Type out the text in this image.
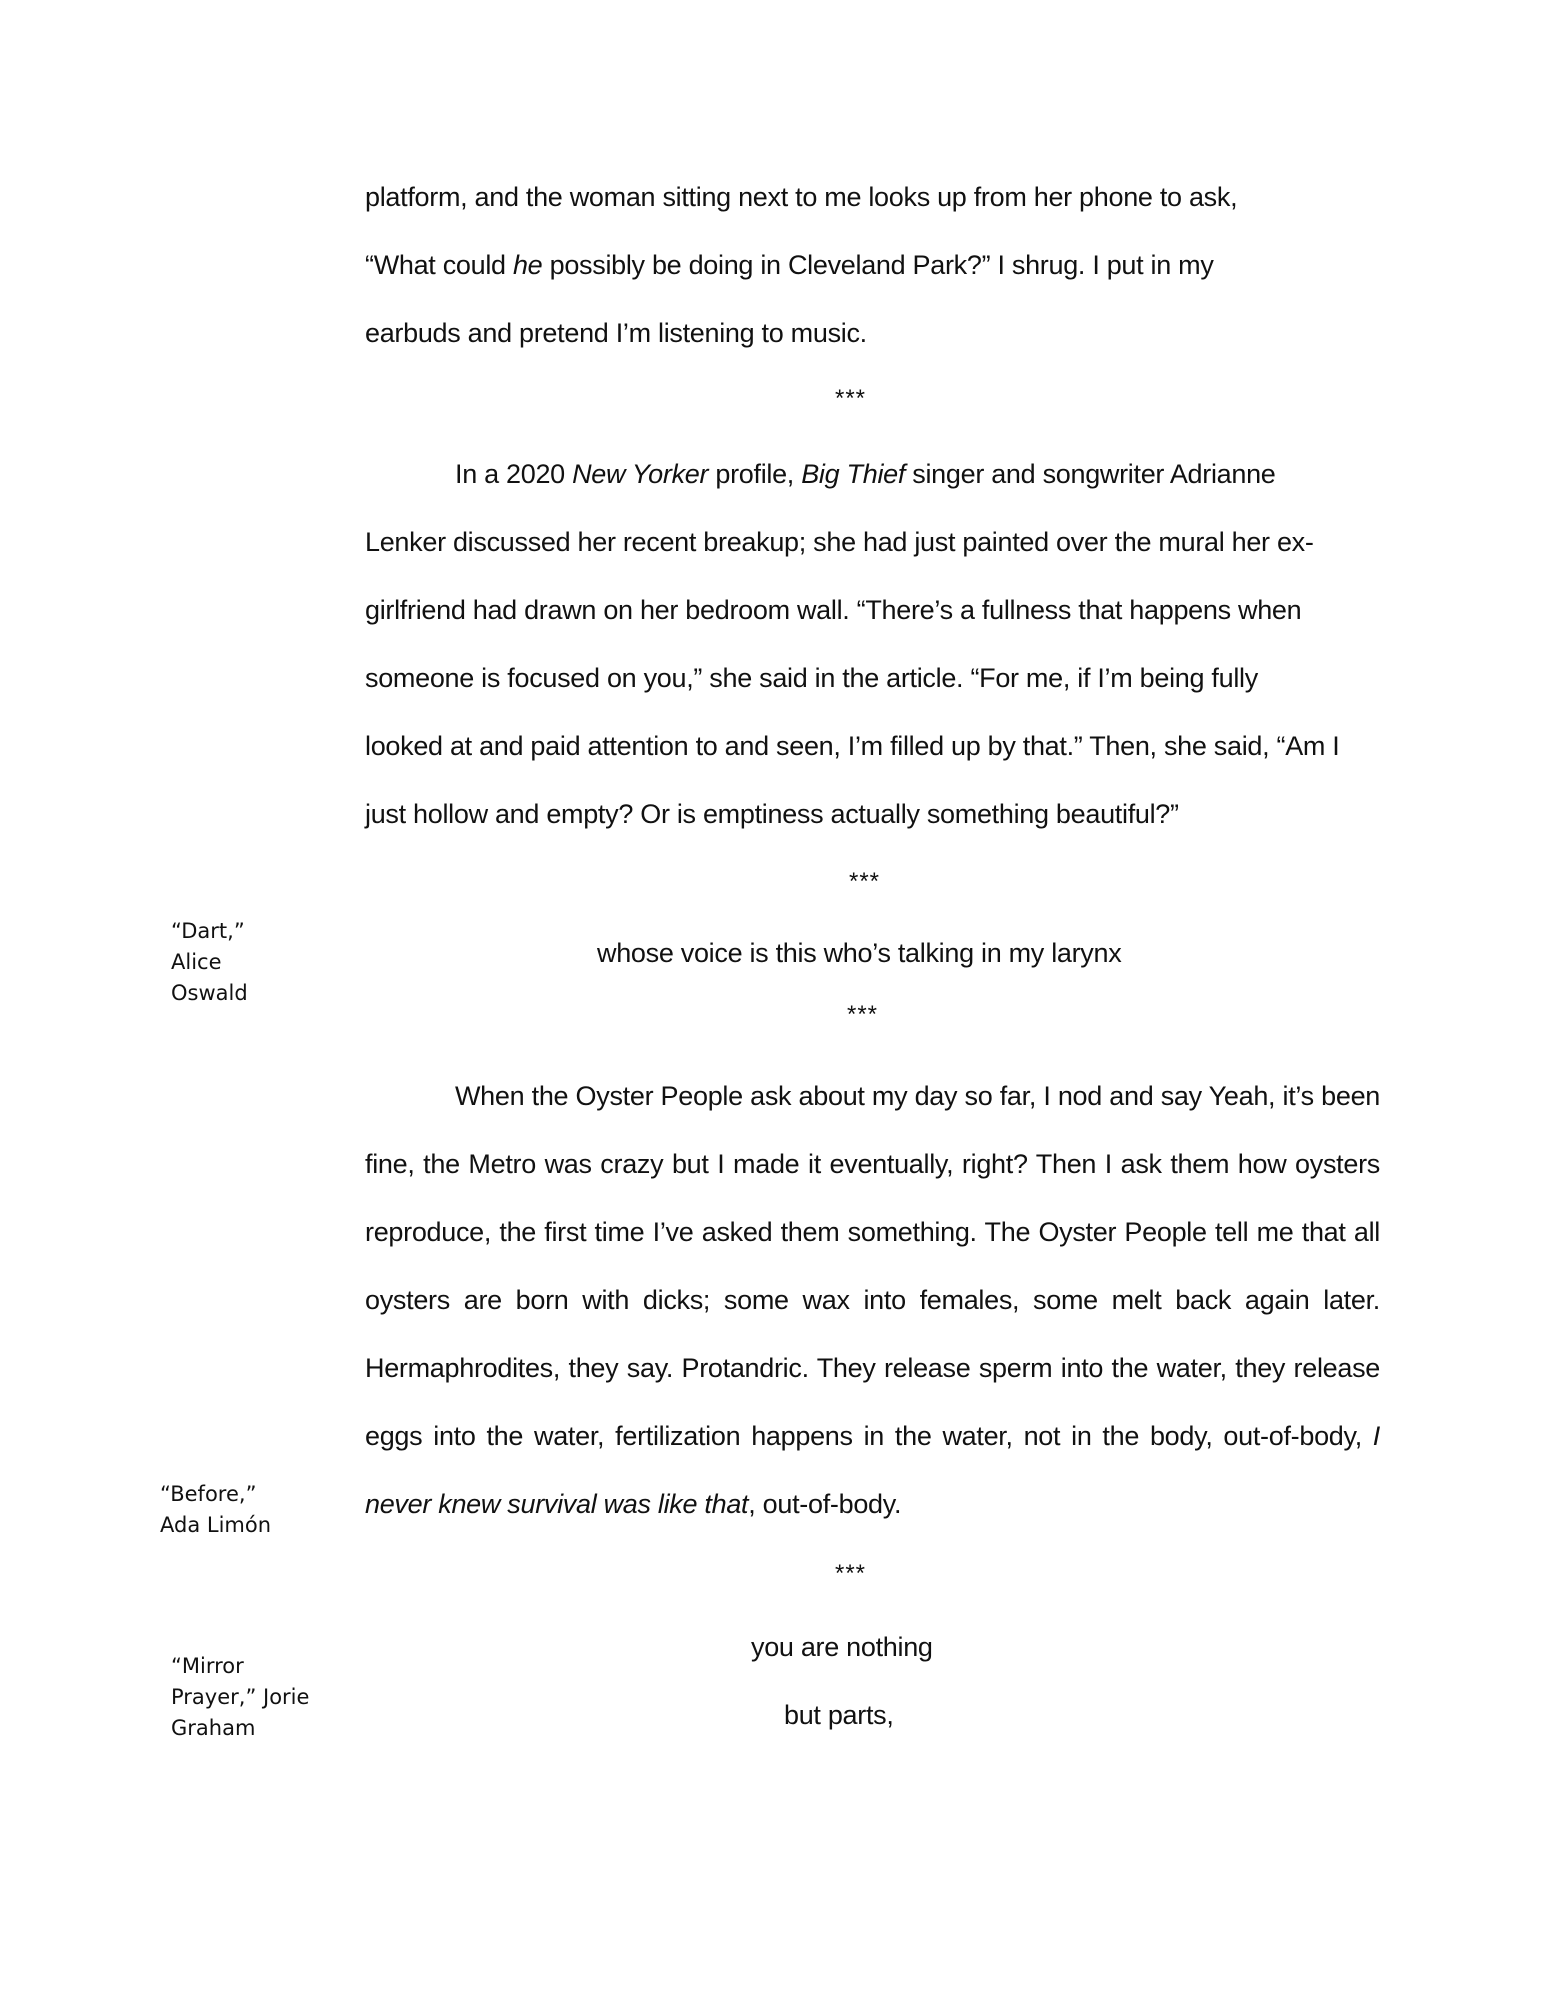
platform, and the woman sitting next to me looks up from her phone to ask,

“What could he possibly be doing in Cleveland Park?” I shrug. I put in my

earbuds and pretend I’m listening to music.

***

In a 2020 New Yorker profile, Big Thief singer and songwriter Adrianne Lenker discussed her recent breakup; she had just painted over the mural her ex-girlfriend had drawn on her bedroom wall. “There’s a fullness that happens when someone is focused on you,” she said in the article. “For me, if I’m being fully looked at and paid attention to and seen, I’m filled up by that.” Then, she said, “Am I just hollow and empty? Or is emptiness actually something beautiful?”

***
“Dart,”
Alice
Oswald
whose voice is this who’s talking in my larynx
***

When the Oyster People ask about my day so far, I nod and say Yeah, it’s been fine, the Metro was crazy but I made it eventually, right? Then I ask them how oysters reproduce, the first time I’ve asked them something. The Oyster People tell me that all oysters are born with dicks; some wax into females, some melt back again later. Hermaphrodites, they say. Protandric. They release sperm into the water, they release eggs into the water, fertilization happens in the water, not in the body, out-of-body, I never knew survival was like that, out-of-body.

“Before,”
Ada Limón
***
you are nothing
but parts,
“Mirror
Prayer,” Jorie
Graham
